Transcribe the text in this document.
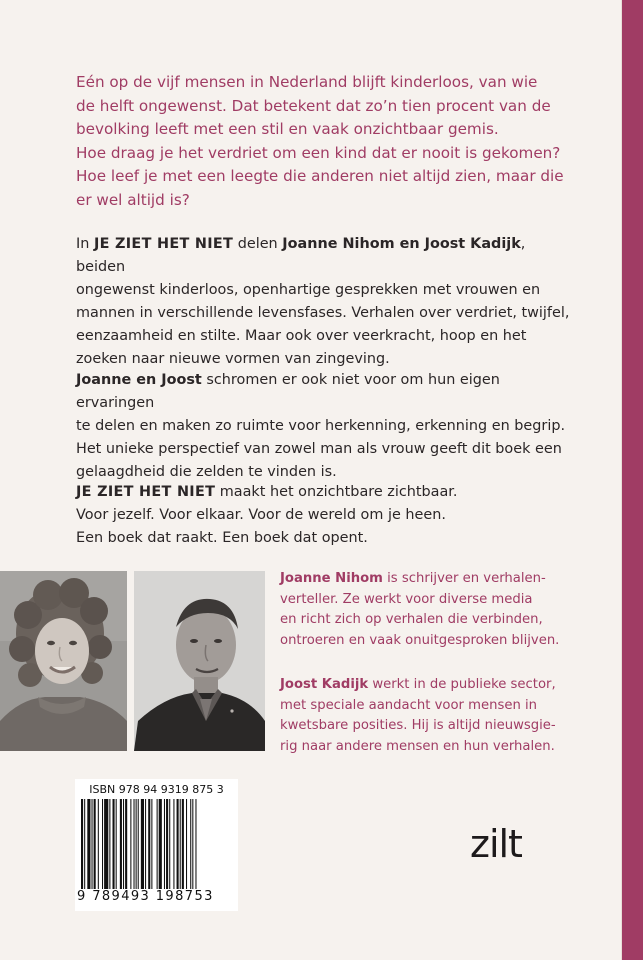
Eén op de vijf mensen in Nederland blijft kinderloos, van wie

de helft ongewenst. Dat betekent dat zo’n tien procent van de

bevolking leeft met een stil en vaak onzichtbaar gemis.

Hoe draag je het verdriet om een kind dat er nooit is gekomen?

Hoe leef je met een leegte die anderen niet altijd zien, maar die

er wel altijd is?

In JE ZIET HET NIET delen Joanne Nihom en Joost Kadijk, beiden

ongewenst kinderloos, openhartige gesprekken met vrouwen en

mannen in verschillende levensfases. Verhalen over verdriet, twijfel,

eenzaamheid en stilte. Maar ook over veerkracht, hoop en het

zoeken naar nieuwe vormen van zingeving.

Joanne en Joost schromen er ook niet voor om hun eigen ervaringen

te delen en maken zo ruimte voor herkenning, erkenning en begrip.

Het unieke perspectief van zowel man als vrouw geeft dit boek een

gelaagdheid die zelden te vinden is.

JE ZIET HET NIET maakt het onzichtbare zichtbaar.

Voor jezelf. Voor elkaar. Voor de wereld om je heen.

Een boek dat raakt. Een boek dat opent.

Joanne Nihom is schrijver en verhalen-

verteller. Ze werkt voor diverse media

en richt zich op verhalen die verbinden,

ontroeren en vaak onuitgesproken blijven.

Joost Kadijk werkt in de publieke sector,

met speciale aandacht voor mensen in

kwetsbare posities. Hij is altijd nieuwsgie-

rig naar andere mensen en hun verhalen.

ISBN 978 94 9319 875 3
9 789493 198753
zilt
